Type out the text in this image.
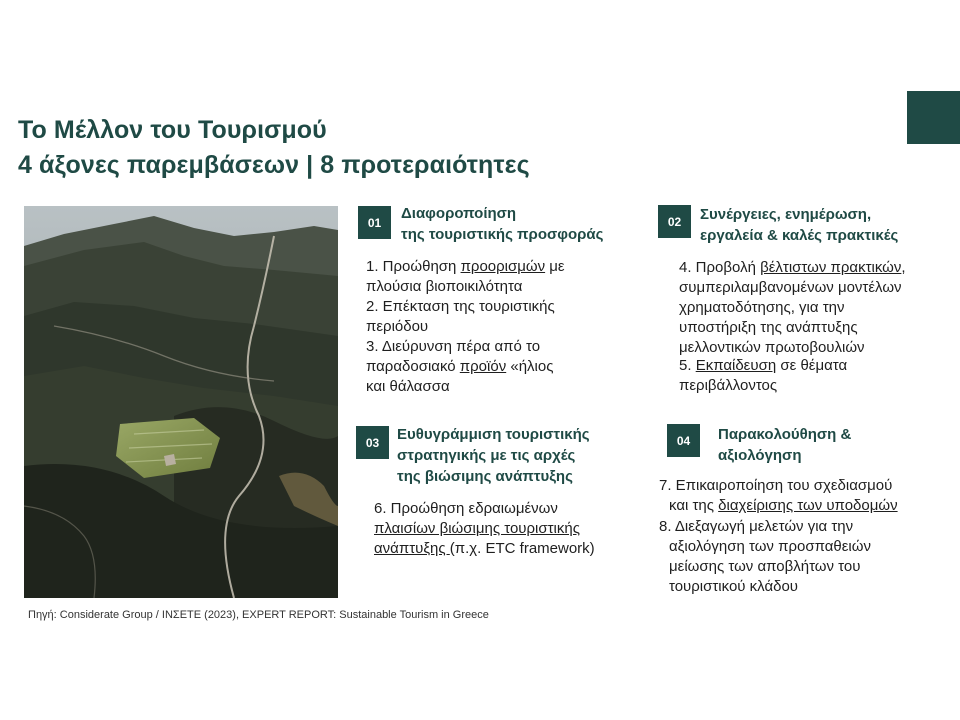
Το Μέλλον του Τουρισμού
4 άξονες παρεμβάσεων | 8 προτεραιότητες
01
Διαφοροποίηση
της τουριστικής προσφοράς
1. Προώθηση προορισμών με
πλούσια βιοποικιλότητα
2. Επέκταση της τουριστικής
περιόδου
3. Διεύρυνση πέρα από το
παραδοσιακό προϊόν «ήλιος
και θάλασσα
02	Συνέργειες, ενημέρωση,
εργαλεία & καλές πρακτικές
4. Προβολή βέλτιστων πρακτικών,
συμπεριλαμβανομένων μοντέλων
χρηματοδότησης, για την
υποστήριξη της ανάπτυξης
μελλοντικών πρωτοβουλιών
5. Εκπαίδευση σε θέματα
περιβάλλοντος
03	Ευθυγράμμιση τουριστικής
στρατηγικής με τις αρχές
της βιώσιμης ανάπτυξης
6. Προώθηση εδραιωμένων
πλαισίων βιώσιμης τουριστικής
ανάπτυξης (π.χ. ETC framework)
04	Παρακολούθηση &
αξιολόγηση
7. Επικαιροποίηση του σχεδιασμού
και της διαχείρισης των υποδομών
8. Διεξαγωγή μελετών για την
αξιολόγηση των προσπαθειών
μείωσης των αποβλήτων του
τουριστικού κλάδου
Πηγή: Considerate Group / ΙΝΣΕΤΕ (2023), EXPERT REPORT: Sustainable Tourism in Greece
